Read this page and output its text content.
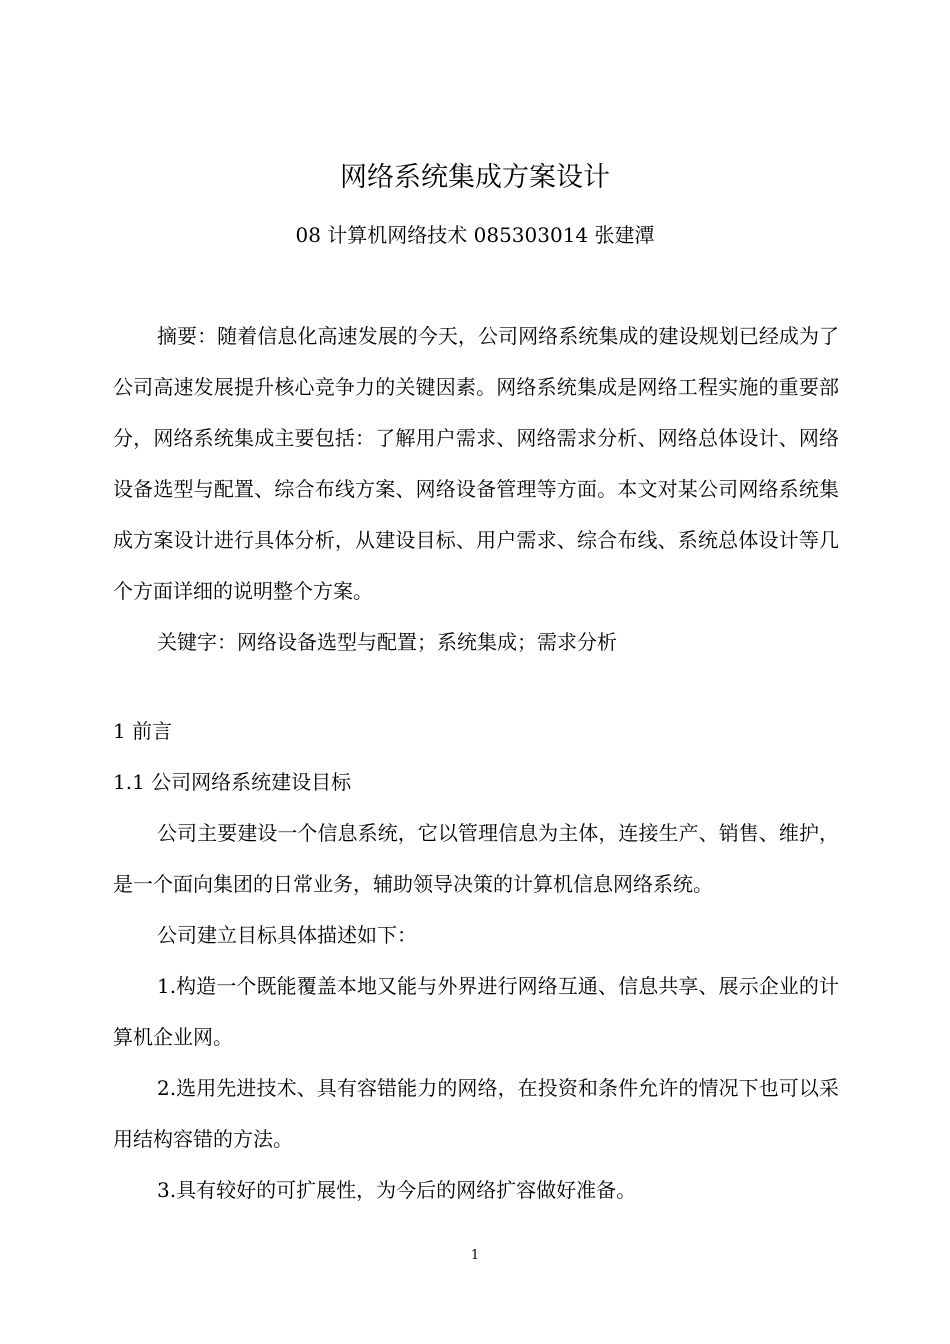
网络系统集成方案设计
08 计算机网络技术 085303014 张建潭

摘要：随着信息化高速发展的今天，公司网络系统集成的建设规划已经成为了公司高速发展提升核心竞争力的关键因素。网络系统集成是网络工程实施的重要部分，网络系统集成主要包括：了解用户需求、网络需求分析、网络总体设计、网络设备选型与配置、综合布线方案、网络设备管理等方面。本文对某公司网络系统集成方案设计进行具体分析，从建设目标、用户需求、综合布线、系统总体设计等几个方面详细的说明整个方案。

关键字：网络设备选型与配置；系统集成；需求分析

1 前言

1.1 公司网络系统建设目标

公司主要建设一个信息系统，它以管理信息为主体，连接生产、销售、维护，是一个面向集团的日常业务，辅助领导决策的计算机信息网络系统。

公司建立目标具体描述如下：

1.构造一个既能覆盖本地又能与外界进行网络互通、信息共享、展示企业的计算机企业网。

2.选用先进技术、具有容错能力的网络，在投资和条件允许的情况下也可以采用结构容错的方法。

3.具有较好的可扩展性，为今后的网络扩容做好准备。

1
